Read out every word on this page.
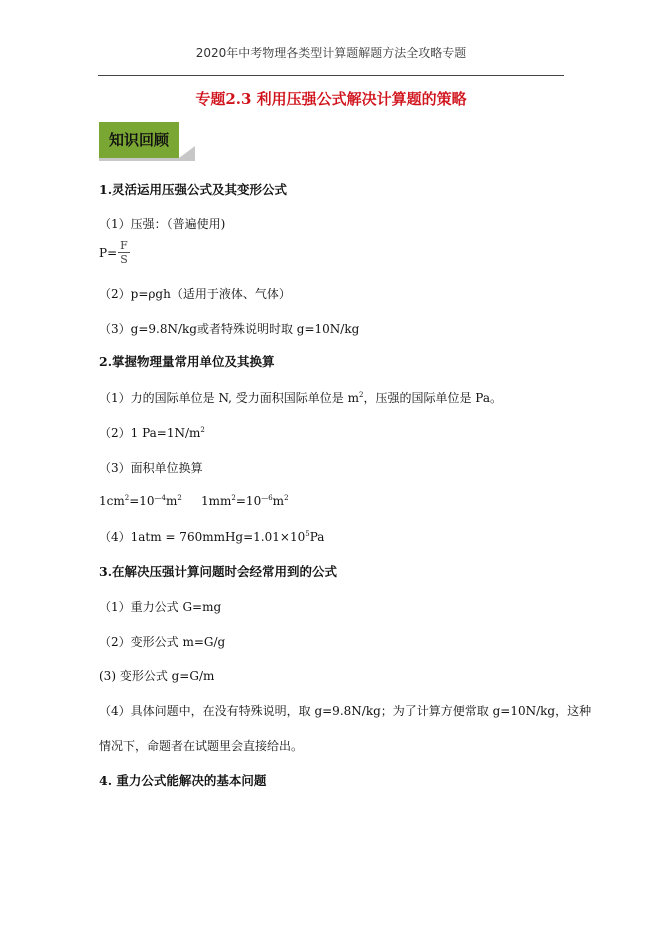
2020年中考物理各类型计算题解题方法全攻略专题
专题2.3 利用压强公式解决计算题的策略
知识回顾
1.灵活运用压强公式及其变形公式
（1）压强：（普遍使用)
$P= \frac{F}{S}$
（2）p=ρgh（适用于液体、气体）
（3）g=9.8N/kg或者特殊说明时取 g=10N/kg
2.掌握物理量常用单位及其换算
（1）力的国际单位是 N, 受力面积国际单位是 $m^2$，压强的国际单位是 Pa。
（2）1 $Pa=1N/m^2$
（3）面积单位换算
$1cm^2=10^{—4}m^2$ $1mm^2=10^{—6}m^2$
$(4)1atm = 760mmHg=1.01\times 10^5Pa$
3.在解决压强计算问题时会经常用到的公式
（1）重力公式 G=mg
（2）变形公式 m=G/g
(3) 变形公式 g=G/m
（4）具体问题中，在没有特殊说明，取 g=9.8N/kg；为了计算方便常取 g=10N/kg，这种
情况下，命题者在试题里会直接给出。
4. 重力公式能解决的基本问题
